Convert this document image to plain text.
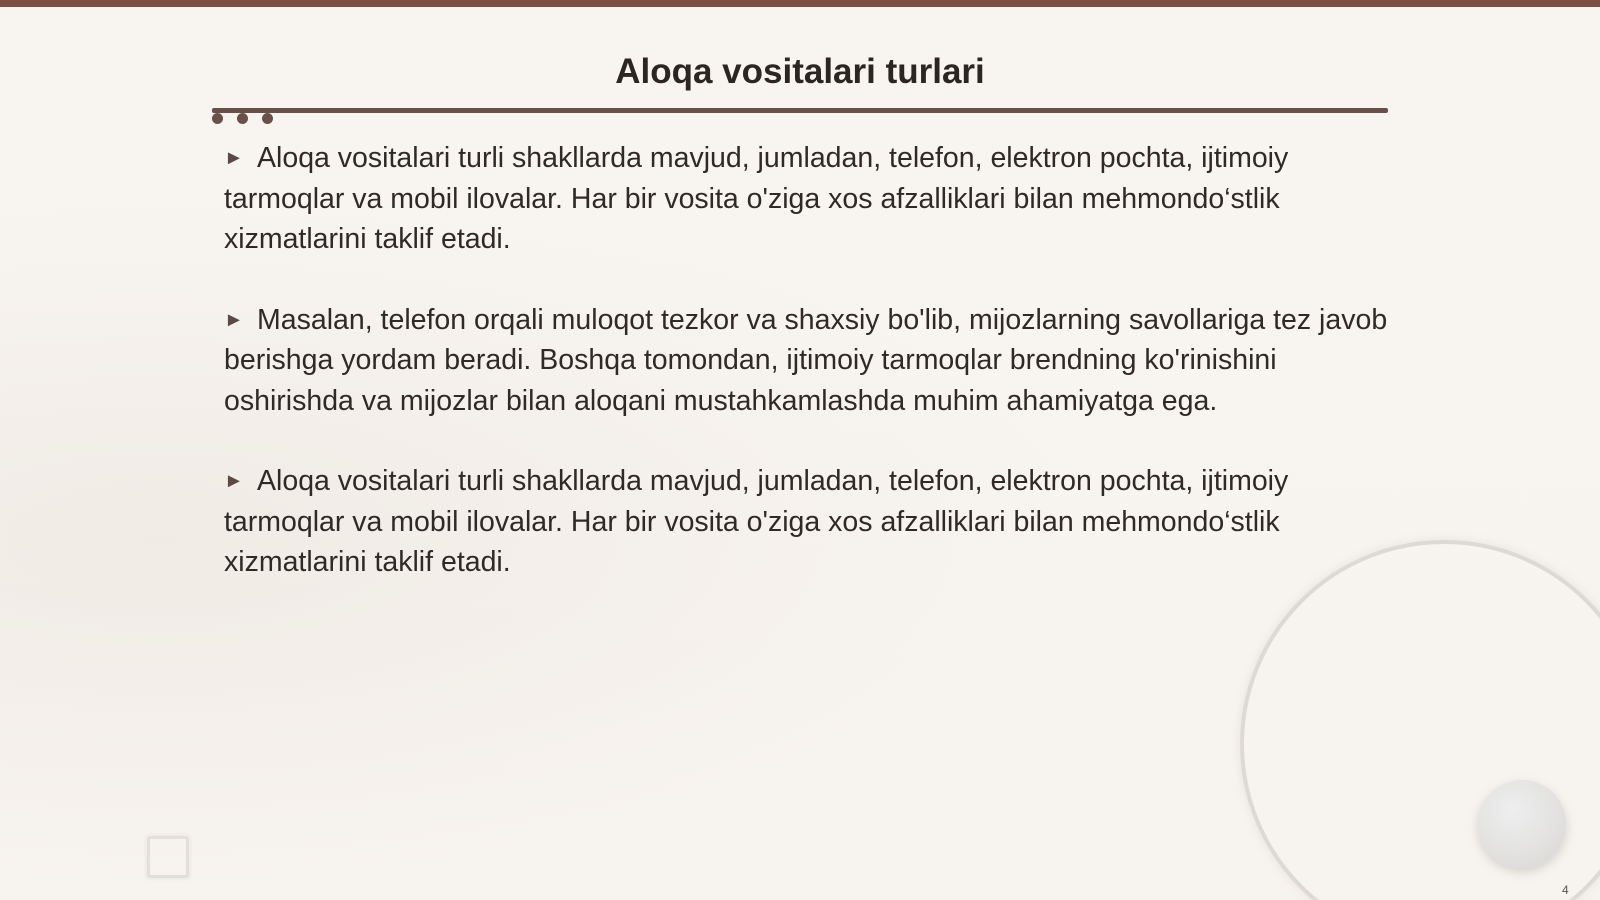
Aloqa vositalari turlari

► Aloqa vositalari turli shakllarda mavjud, jumladan, telefon, elektron pochta, ijtimoiy tarmoqlar va mobil ilovalar. Har bir vosita o'ziga xos afzalliklari bilan mehmondo‘stlik xizmatlarini taklif etadi.

► Masalan, telefon orqali muloqot tezkor va shaxsiy bo'lib, mijozlarning savollariga tez javob berishga yordam beradi. Boshqa tomondan, ijtimoiy tarmoqlar brendning ko'rinishini oshirishda va mijozlar bilan aloqani mustahkamlashda muhim ahamiyatga ega.

► Aloqa vositalari turli shakllarda mavjud, jumladan, telefon, elektron pochta, ijtimoiy tarmoqlar va mobil ilovalar. Har bir vosita o'ziga xos afzalliklari bilan mehmondo‘stlik xizmatlarini taklif etadi.

4
